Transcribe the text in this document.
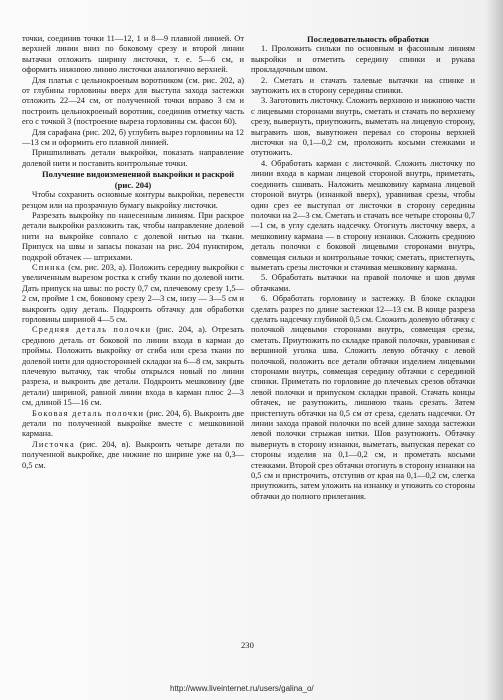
точки, соединив точки 11—12, 1 и 8—9 плавной линией. От верхней линии вниз по боковому срезу и второй линии вытачки отложить ширину листочки, т. е. 5—6 см, и оформить нижнюю линию листочки аналогично верхней.

Для платья с цельнокроеным воротником (см. рис. 202, а) от глубины горловины вверх для выступа захода застежки отложить 22—24 см, от полученной точки вправо 3 см и построить цельнокроеный воротник, соединив отметку часть его с точкой 3 (построение выреза горловины см. фасон 60).

Для сарафана (рис. 202, б) углубить вырез горловины на 12—13 см и оформить его плавной линией.

Пришпиливать детали выкройки, показать направление долевой нити и поставить контрольные точки.

Получение видоизмененной выкройки и раскрой (рис. 204)

Чтобы сохранить основные контуры выкройки, перевести резцом или на прозрачную бумагу выкройку листочки.

Разрезать выкройку по нанесенным линиям. При раскрое детали выкройки разложить так, чтобы направление долевой нити на выкройке совпало с долевой нитью на ткани. Припуск на швы и запасы показан на рис. 204 пунктиром, подкрой обтачек — штрихами.

Спинка (см. рис. 203, а). Положить середину выкройки с увеличенным вырезом ростка к сгибу ткани по долевой нити. Дать припуск на швы: по росту 0,7 см, плечевому срезу 1,5—2 см, пройме 1 см, боковому срезу 2—3 см, низу — 3—5 см и выкроить одну деталь. Подкроить обтачку для обработки горловины шириной 4—5 см.

Средняя деталь полочки (рис. 204, а). Отрезать среднюю деталь от боковой по линии входа в карман до проймы. Положить выкройку от сгиба или среза ткани по долевой нити для односторонней складки на 6—8 см, закрыть плечевую вытачку, так чтобы открылся новый по линии разреза, и выкроить две детали. Подкроить мешковину (две детали) шириной, равной линии входа в карман плюс 2—3 см, длиной 15—16 см.

Боковая деталь полочки (рис. 204, б). Выкроить две детали по полученной выкройке вместе с мешковиной кармана.

Листочка (рис. 204, в). Выкроить четыре детали по полученной выкройке, две нижние по ширине уже на 0,3—0,5 см.

Последовательность обработки

1. Проложить сильки по основным и фасонным линиям выкройки и отметить середину спинки и рукава прокладочным швом.

2. Сметать и стачать талевые вытачки на спинке и заутюжить их в сторону середины спинки.

3. Заготовить листочку. Сложить верхнюю и нижнюю части с лицевыми сторонами внутрь, сметать и стачать по верхнему срезу, вывернуть, приутюжить, выметать на лицевую сторону, выгравить шов, вывутюжен перевал со стороны верхней листочки на 0,1—0,2 см, проложить косыми стежками и отутюжить.

4. Обработать карман с листочкой. Сложить листочку по линии входа в карман лицевой стороной внутрь, приметать, соединить сшивать. Наложить мешковину кармана лицевой стороной внутрь (изнанкой вверх), уравнивая срезы, чтобы один срез ее выступал от листочки в сторону середины полочки на 2—3 см. Сметать и стачать все четыре стороны 0,7—1 см, в углу сделать надсечку. Отогнуть листочку вверх, а мешковину кармана — в сторону изнанки. Сложить среднюю деталь полочки с боковой лицевыми сторонами внутрь, совмещая сильки и контрольные точки; сметать, пристегнуть, выметать срезы листочки и стачивая мешковину кармана.

5. Обработать вытачки на правой полочке и шов двумя обтачками.

6. Обработать горловину и застежку. В блоке складки сделать разрез по длине застежки 12—13 см. В конце разреза сделать надсечку глубиной 0,5 см. Сложить долевую обтачку с полочкой лицевыми сторонами внутрь, совмещая срезы, сметать. Приутюжить по складке правой полочки, уравнивая с вершиной уголка шва. Сложить левую обтачку с левой полочкой, положить все детали обтачки изделием лицевыми сторонами внутрь, совмещая середину обтачки с серединой спинки. Приметать по горловине до плечевых срезов обтачки левой полочки и припуском складки правой. Стачать концы обтачек, не разутюжить, лишнюю ткань срезать. Затем пристегнуть обтачки на 0,5 см от среза, сделать надсечки. От линии захода правой полочки по всей длине захода застежки левой полочки стрыжая нитки. Шов разутюжить. Обтачку вывернуть в сторону изнанки, выметать, выпуская перекат со стороны изделия на 0,1—0,2 см, и прометать косыми стежками. Второй срез обтачки отогнуть в сторону изнанки на 0,5 см и пристрочить, отступив от края на 0,1—0,2 см, слегка приутюжить, затем уложить на изнанку и утюжить со стороны обтачки до полного прилегания.

230
http://www.liveinternet.ru/users/galina_o/
